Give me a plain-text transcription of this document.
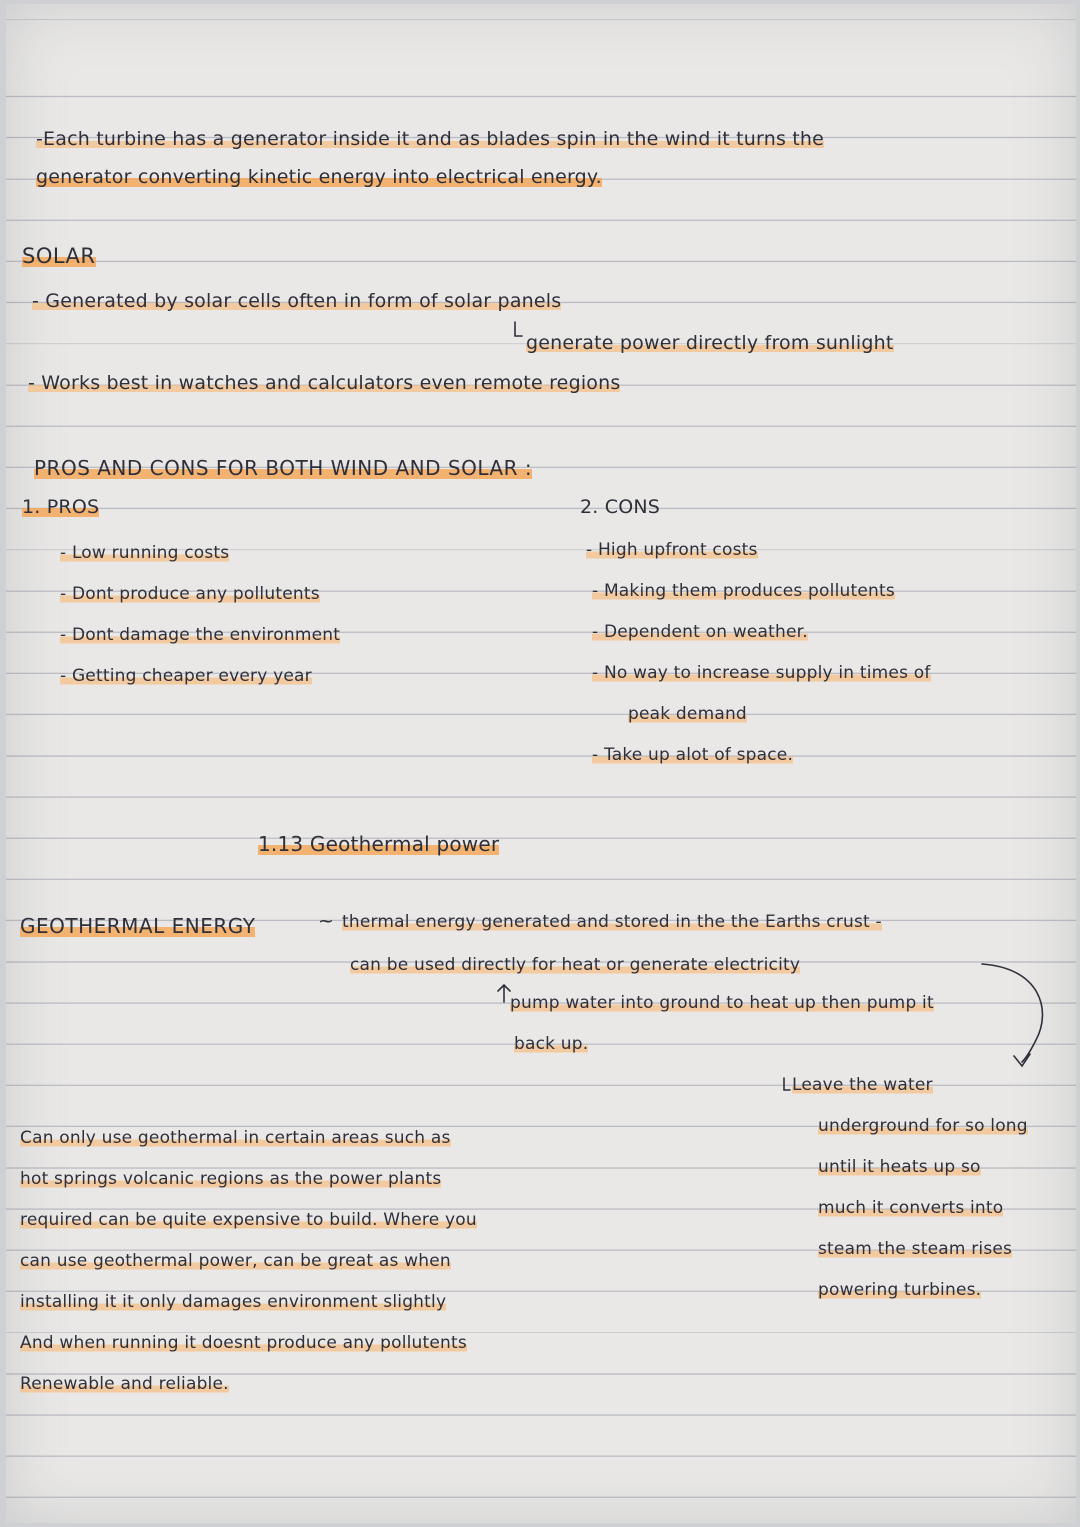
-Each turbine has a generator inside it and as blades spin in the wind it turns the
generator converting kinetic energy into electrical energy.
SOLAR
- Generated by solar cells often in form of solar panels
generate power directly from sunlight
- Works best in watches and calculators even remote regions
PROS AND CONS FOR BOTH WIND AND SOLAR :
1. PROS	2. CONS
- Low running costs
- Dont produce any pollutents
- Dont damage the environment
- Getting cheaper every year
- High upfront costs
- Making them produces pollutents
- Dependent on weather.
- No way to increase supply in times of
peak demand
- Take up alot of space.
1.13 Geothermal power
GEOTHERMAL ENERGY	~ thermal energy generated and stored in the the Earths crust -
can be used directly for heat or generate electricity
pump water into ground to heat up then pump it
back up.
Leave the water
underground for so long
until it heats up so
much it converts into
steam the steam rises
powering turbines.
Can only use geothermal in certain areas such as
hot springs volcanic regions as the power plants
required can be quite expensive to build. Where you
can use geothermal power, can be great as when
installing it it only damages environment slightly
And when running it doesnt produce any pollutents
Renewable and reliable.
